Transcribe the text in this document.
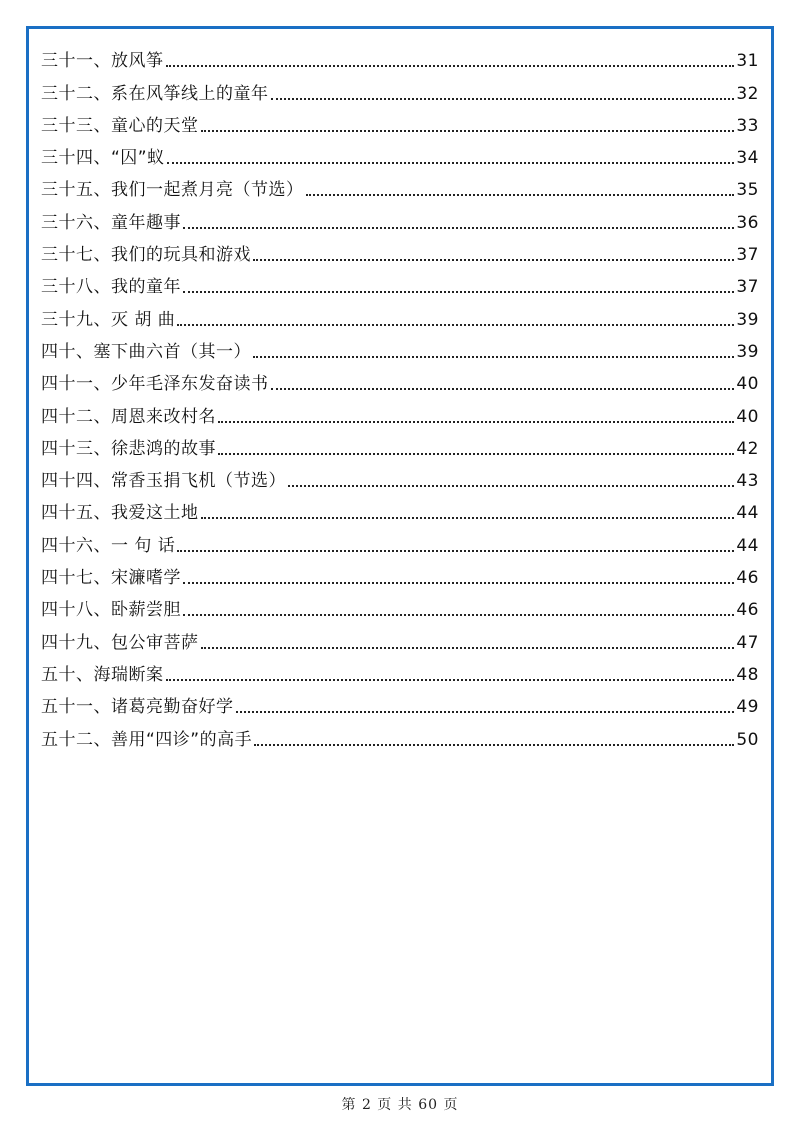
三十一、放风筝	31
三十二、系在风筝线上的童年	32
三十三、童心的天堂	33
三十四、“囚”蚁	34
三十五、我们一起煮月亮（节选）	35
三十六、童年趣事	36
三十七、我们的玩具和游戏	37
三十八、我的童年	37
三十九、灭 胡 曲	39
四十、塞下曲六首（其一）	39
四十一、少年毛泽东发奋读书	40
四十二、周恩来改村名	40
四十三、徐悲鸿的故事	42
四十四、常香玉捐飞机（节选）	43
四十五、我爱这土地	44
四十六、一 句 话	44
四十七、宋濂嗜学	46
四十八、卧薪尝胆	46
四十九、包公审菩萨	47
五十、海瑞断案	48
五十一、诸葛亮勤奋好学	49
五十二、善用“四诊”的高手	50
第 2 页 共 60 页
